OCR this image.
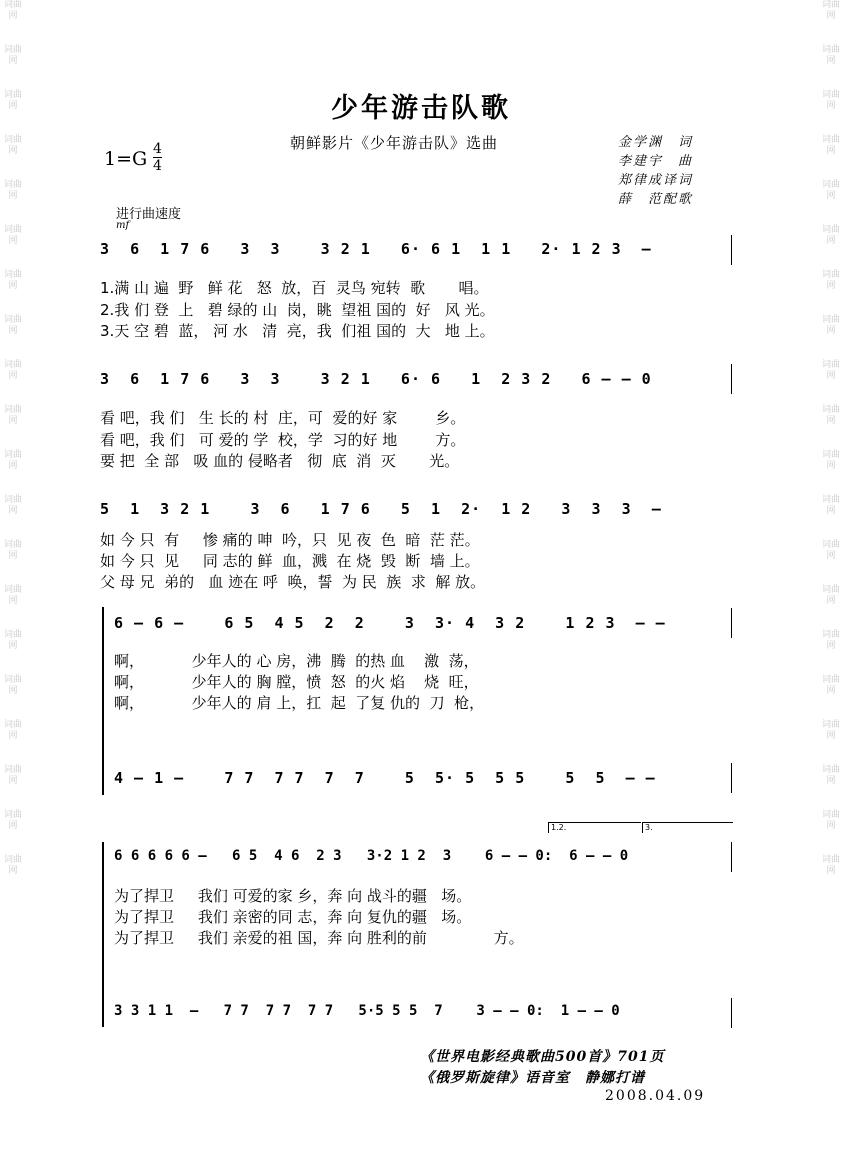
词曲网
词曲网
词曲网
词曲网
词曲网
词曲网
词曲网
词曲网
词曲网
词曲网
词曲网
词曲网
词曲网
词曲网
词曲网
词曲网
词曲网
词曲网
词曲网
词曲网
词曲网
词曲网
词曲网
词曲网
词曲网
词曲网
词曲网
词曲网
词曲网
词曲网
词曲网
词曲网
词曲网
词曲网
词曲网
词曲网
词曲网
词曲网
词曲网
词曲网
少年游击队歌
1=G 4
4
朝鲜影片《少年游击队》选曲	金学渊　词
李建宇　曲
郑律成译词
薛　范配歌
进行曲速度
mf
3  6  1 7 6   3  3    3 2 1   6· 6 1  1 1   2· 1 2 3  –
1.满 山 遍  野   鲜 花   怒  放，百  灵鸟 宛转  歌       唱。
2.我 们 登  上   碧 绿的 山  岗，眺  望祖 国的  好   风 光。
3.天 空 碧  蓝， 河 水   清  亮，我  们祖 国的  大   地 上。
3  6  1 7 6   3  3    3 2 1   6· 6   1  2 3 2   6 – – 0
看 吧，我 们   生 长的 村  庄，可  爱的好 家        乡。
看 吧，我 们   可 爱的 学  校，学  习的好 地        方。
要 把  全 部   吸 血的 侵略者   彻  底  消  灭       光。
5  1  3 2 1    3  6   1 7 6   5  1  2·  1 2   3  3  3  –
如 今 只  有     惨 痛的 呻  吟，只  见 夜  色  暗  茫 茫。
如 今 只  见     同 志的 鲜  血，溅  在 烧  毁  断  墙 上。
父 母 兄  弟的   血 迹在 呼  唤，誓  为 民  族  求  解 放。
6 – 6 –    6 5  4 5  2  2    3  3· 4  3 2    1 2 3  – –
啊，          少年人的 心 房，沸  腾  的热 血    激  荡，
啊，          少年人的 胸 膛，愤  怒  的火 焰    烧  旺，
啊，          少年人的 肩 上，扛  起  了复 仇的  刀  枪，
4 – 1 –    7 7  7 7  7  7    5  5· 5  5 5    5  5  – –
1.2.	3.
6 6 6 6 6 –   6 5  4 6  2 3   3·2 1 2  3    6 – – 0:  6 – – 0
为了捍卫     我们 可爱的家 乡，奔 向 战斗的疆   场。
为了捍卫     我们 亲密的同 志，奔 向 复仇的疆   场。
为了捍卫     我们 亲爱的祖 国，奔 向 胜利的前              方。
3 3 1 1  –   7 7  7 7  7 7   5·5 5 5  7    3 – – 0:  1 – – 0
《世界电影经典歌曲500首》701页
《俄罗斯旋律》语音室　静娜打谱
2008.04.09
